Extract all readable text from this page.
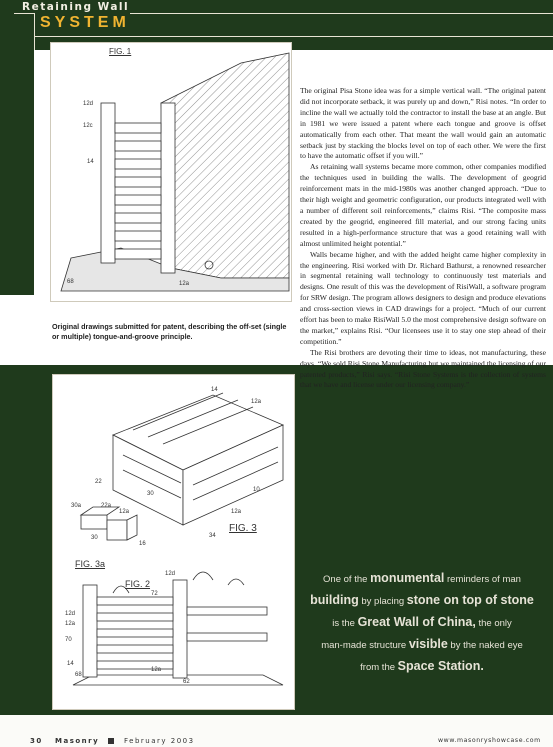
Retaining Wall
SYSTEM
FIG. 1
12d
12c
14
68	12a
Original drawings submitted for patent, describing the off-set (single or multiple) tongue-and-groove principle.
FIG. 3
FIG. 3a
FIG. 2
14
12a
22
30
10
12a
34
30a	22a
12a
30
16
12d
72
12d
12a
70
14
68
12a
62

The original Pisa Stone idea was for a simple vertical wall. “The original patent did not incorporate setback, it was purely up and down,” Risi notes. “In order to incline the wall we actually told the contractor to install the base at an angle. But in 1981 we were issued a patent where each tongue and groove is offset automatically from each other. That meant the wall would gain an automatic setback just by stacking the blocks level on top of each other. We were the first to have the automatic offset if you will.”

As retaining wall systems became more common, other companies modified the techniques used in building the walls. The development of geogrid reinforcement mats in the mid-1980s was another changed approach. “Due to their high weight and geometric configuration, our products integrated well with a number of different soil reinforcements,” claims Risi. “The composite mass created by the geogrid, engineered fill material, and our strong facing units resulted in a high-performance structure that was a good retaining wall with almost unlimited height potential.”

Walls became higher, and with the added height came higher complexity in the engineering. Risi worked with Dr. Richard Bathurst, a renowned researcher in segmental retaining wall technology to continuously test materials and designs. One result of this was the development of RisiWall, a software program for SRW design. The program allows designers to design and produce elevations and cross-section views in CAD drawings for a project. “Much of our current effort has been to make RisiWall 5.0 the most comprehensive design software on the market,” explains Risi. “Our licensees use it to stay one step ahead of their competition.”

The Risi brothers are devoting their time to ideas, not manufacturing, these days. “We sold Risi Stone Manufacturing but we maintained the licensing of our patented products,” Risi says. “Risi Stone Systems is the collection of systems that we have and license under our licensing company.”

One of the monumental reminders of man
building by placing stone on top of stone
is the Great Wall of China, the only
man-made structure visible by the naked eye
from the Space Station.
30 Masonry	February 2003	www.masonryshowcase.com
